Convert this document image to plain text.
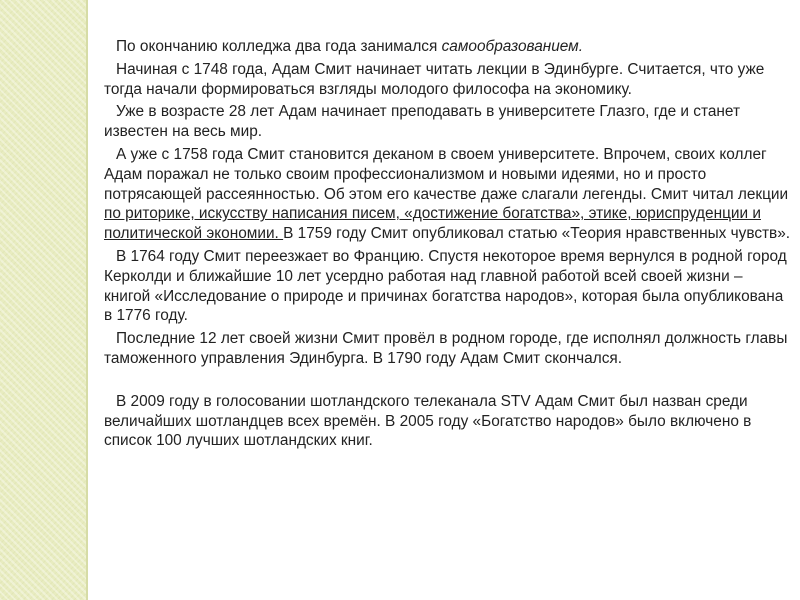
По окончанию колледжа два года занимался самообразованием.

Начиная с 1748 года, Адам Смит начинает читать лекции в Эдинбурге. Считается, что уже тогда начали формироваться взгляды молодого философа на экономику.

Уже в возрасте 28 лет Адам начинает преподавать в университете Глазго, где и станет известен на весь мир.

А уже с 1758 года Смит становится деканом в своем университете. Впрочем, своих коллег Адам поражал не только своим профессионализмом и новыми идеями, но и просто потрясающей рассеянностью. Об этом его качестве даже слагали легенды. Смит читал лекции по риторике, искусству написания писем, «достижение богатства», этике, юриспруденции и политической экономии. В 1759 году Смит опубликовал статью «Теория нравственных чувств».

В 1764 году Смит переезжает во Францию. Спустя некоторое время вернулся в родной город Керколди и ближайшие 10 лет усердно работая над главной работой всей своей жизни – книгой «Исследование о природе и причинах богатства народов», которая была опубликована в 1776 году.

Последние 12 лет своей жизни Смит провёл в родном городе, где исполнял должность главы таможенного управления Эдинбурга. В 1790 году Адам Смит скончался.

В 2009 году в голосовании шотландского телеканала STV Адам Смит был назван среди величайших шотландцев всех времён. В 2005 году «Богатство народов» было включено в список 100 лучших шотландских книг.
